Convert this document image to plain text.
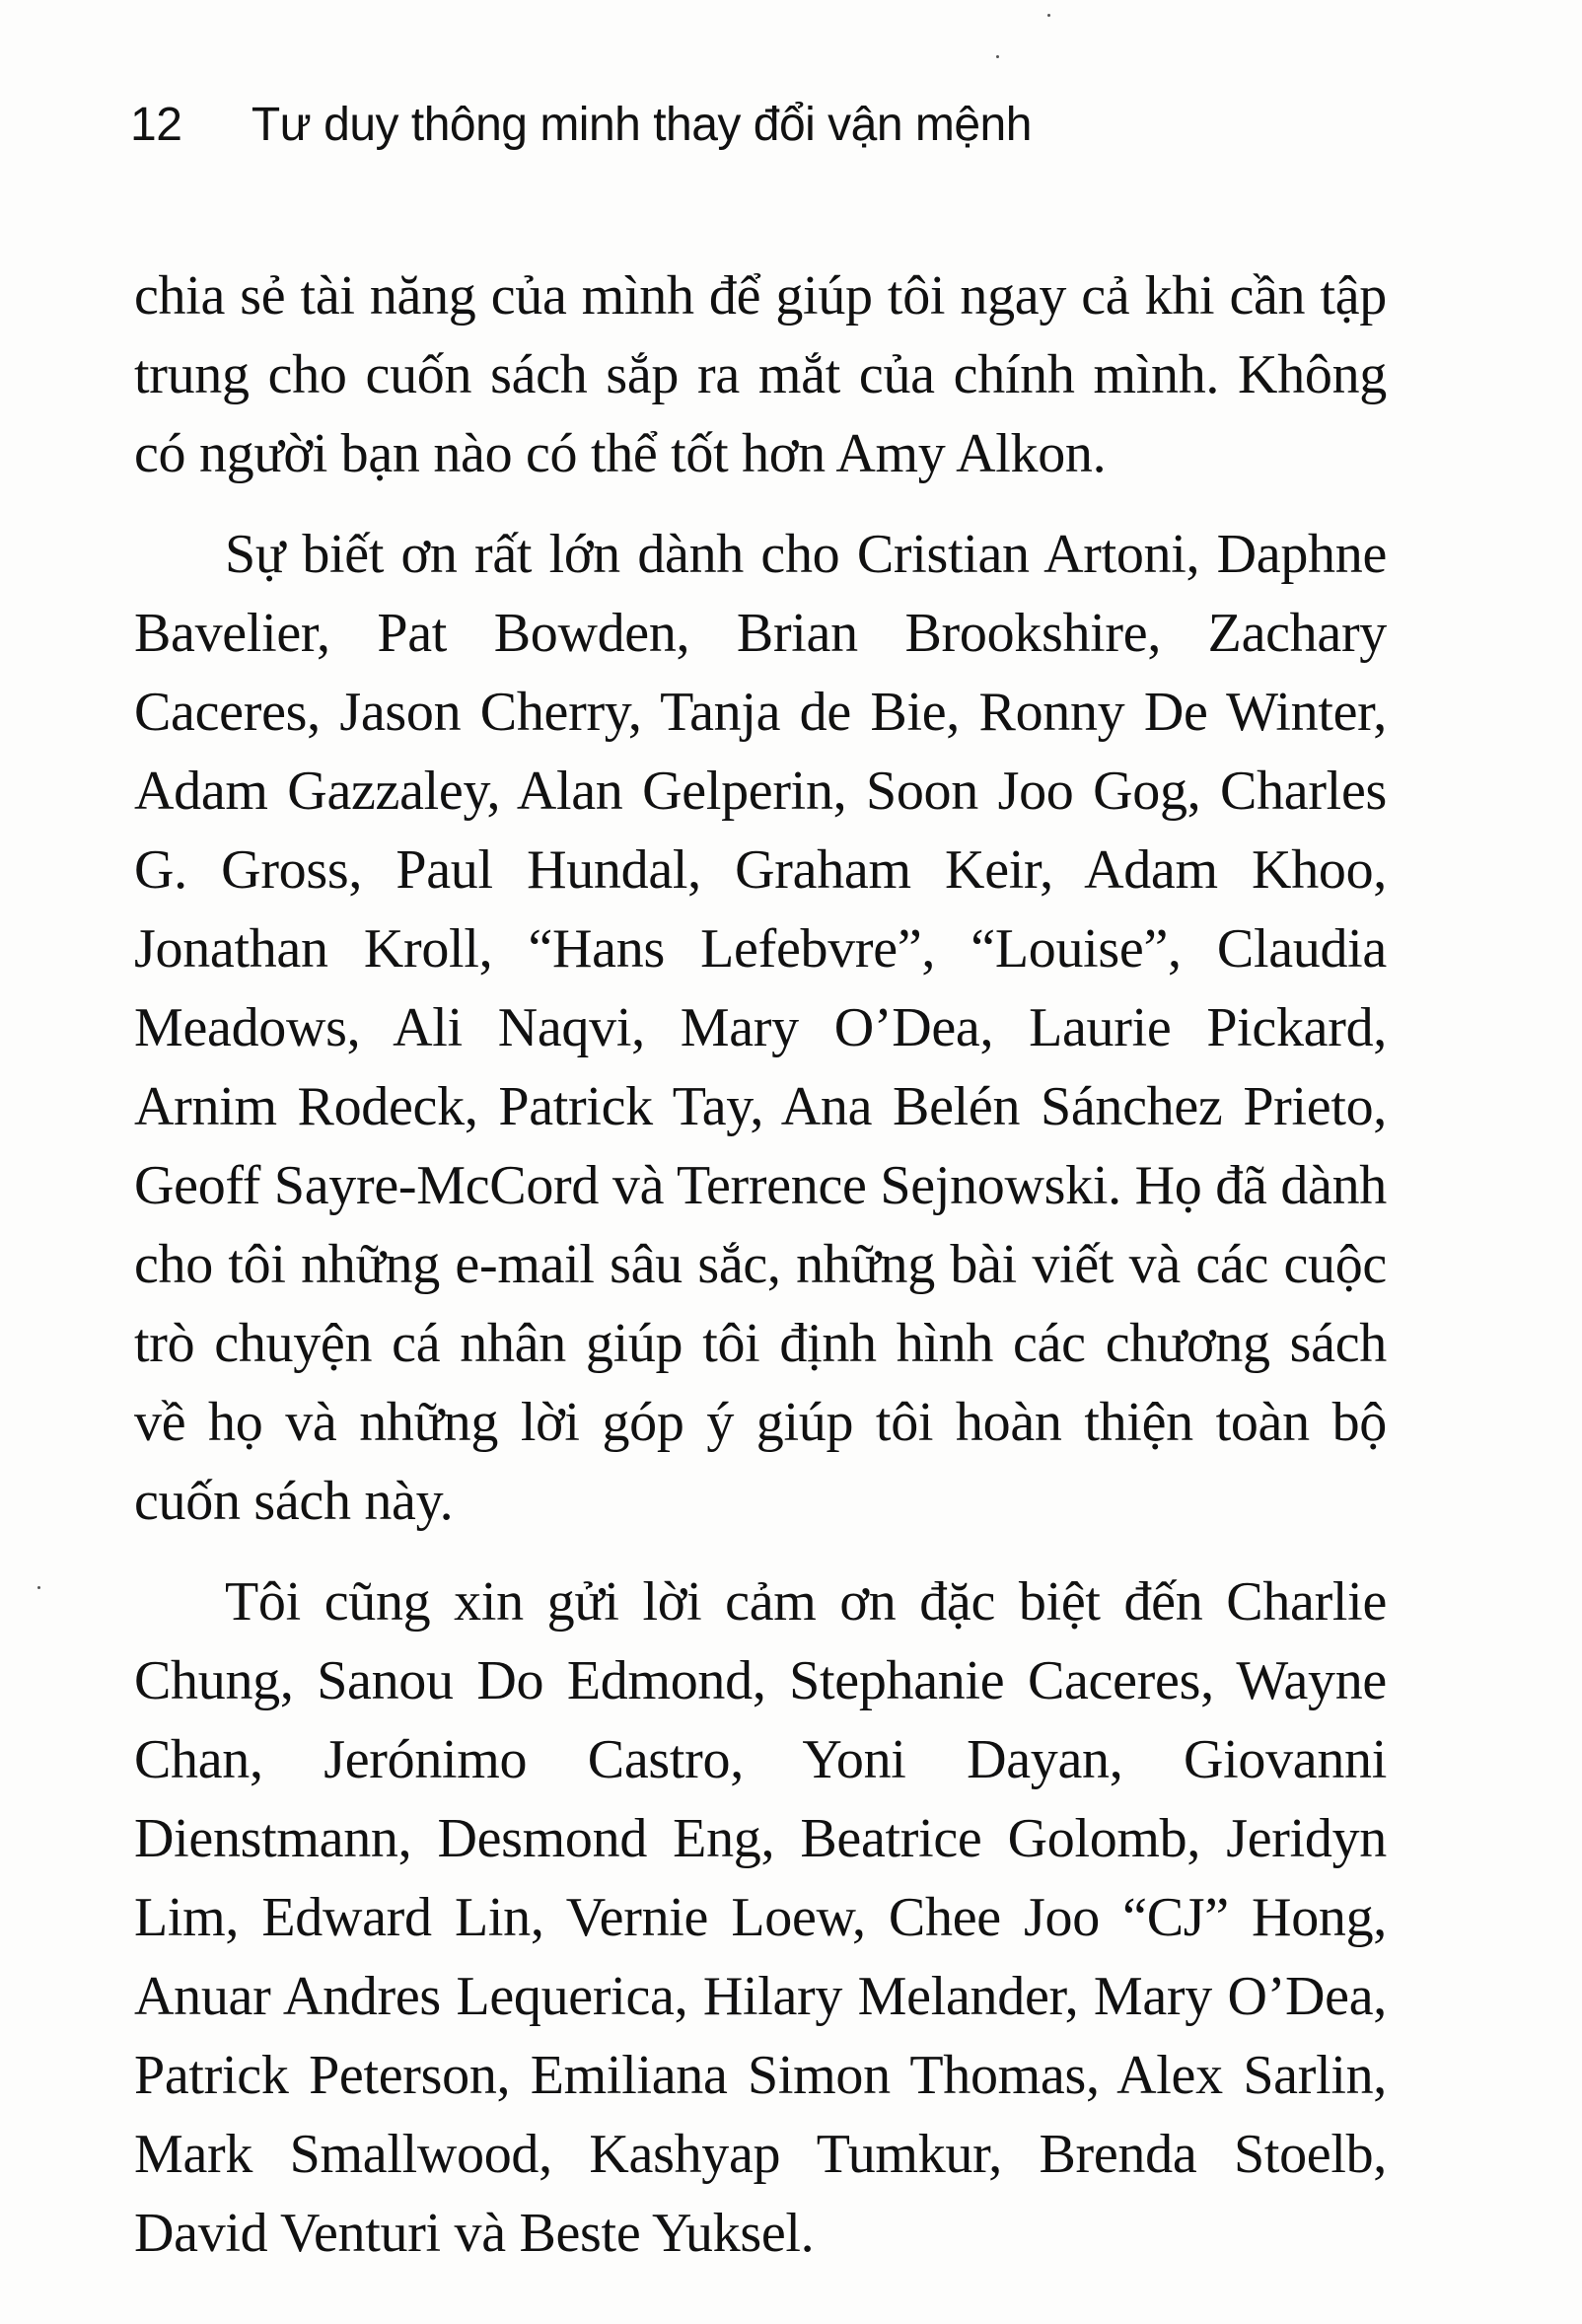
12 Tư duy thông minh thay đổi vận mệnh

chia sẻ tài năng của mình để giúp tôi ngay cả khi cần tập trung cho cuốn sách sắp ra mắt của chính mình. Không có người bạn nào có thể tốt hơn Amy Alkon.

Sự biết ơn rất lớn dành cho Cristian Artoni, Daphne Bavelier, Pat Bowden, Brian Brookshire, Zachary Caceres, Jason Cherry, Tanja de Bie, Ronny De Winter, Adam Gazzaley, Alan Gelperin, Soon Joo Gog, Charles G. Gross, Paul Hundal, Graham Keir, Adam Khoo, Jonathan Kroll, “Hans Lefebvre”, “Louise”, Claudia Meadows, Ali Naqvi, Mary O’Dea, Laurie Pickard, Arnim Rodeck, Patrick Tay, Ana Belén Sánchez Prieto, Geoff Sayre-McCord và Terrence Sejnowski. Họ đã dành cho tôi những e-mail sâu sắc, những bài viết và các cuộc trò chuyện cá nhân giúp tôi định hình các chương sách về họ và những lời góp ý giúp tôi hoàn thiện toàn bộ cuốn sách này.

Tôi cũng xin gửi lời cảm ơn đặc biệt đến Charlie Chung, Sanou Do Edmond, Stephanie Caceres, Wayne Chan, Jerónimo Castro, Yoni Dayan, Giovanni Dienstmann, Desmond Eng, Beatrice Golomb, Jeridyn Lim, Edward Lin, Vernie Loew, Chee Joo “CJ” Hong, Anuar Andres Lequerica, Hilary Melander, Mary O’Dea, Patrick Peterson, Emiliana Simon Thomas, Alex Sarlin, Mark Smallwood, Kashyap Tumkur, Brenda Stoelb, David Venturi và Beste Yuksel.
